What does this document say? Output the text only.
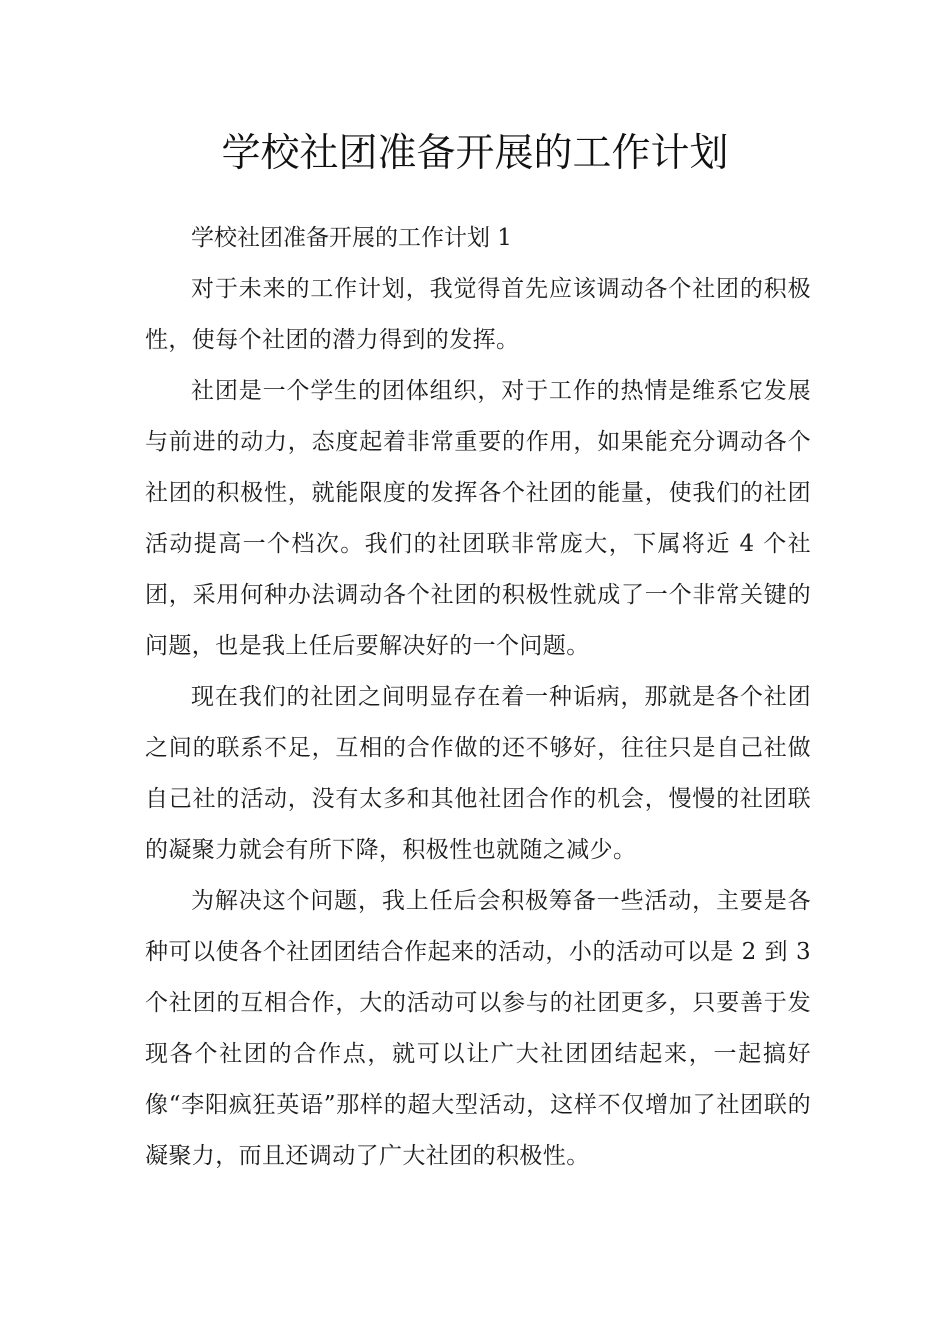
学校社团准备开展的工作计划
学校社团准备开展的工作计划 1

对于未来的工作计划，我觉得首先应该调动各个社团的积极性，使每个社团的潜力得到的发挥。

社团是一个学生的团体组织，对于工作的热情是维系它发展与前进的动力，态度起着非常重要的作用，如果能充分调动各个社团的积极性，就能限度的发挥各个社团的能量，使我们的社团活动提高一个档次。我们的社团联非常庞大，下属将近 4 个社团，采用何种办法调动各个社团的积极性就成了一个非常关键的问题，也是我上任后要解决好的一个问题。

现在我们的社团之间明显存在着一种诟病，那就是各个社团之间的联系不足，互相的合作做的还不够好，往往只是自己社做自己社的活动，没有太多和其他社团合作的机会，慢慢的社团联的凝聚力就会有所下降，积极性也就随之减少。

为解决这个问题，我上任后会积极筹备一些活动，主要是各种可以使各个社团团结合作起来的活动，小的活动可以是 2 到 3 个社团的互相合作，大的活动可以参与的社团更多，只要善于发现各个社团的合作点，就可以让广大社团团结起来，一起搞好像“李阳疯狂英语”那样的超大型活动，这样不仅增加了社团联的凝聚力，而且还调动了广大社团的积极性。
